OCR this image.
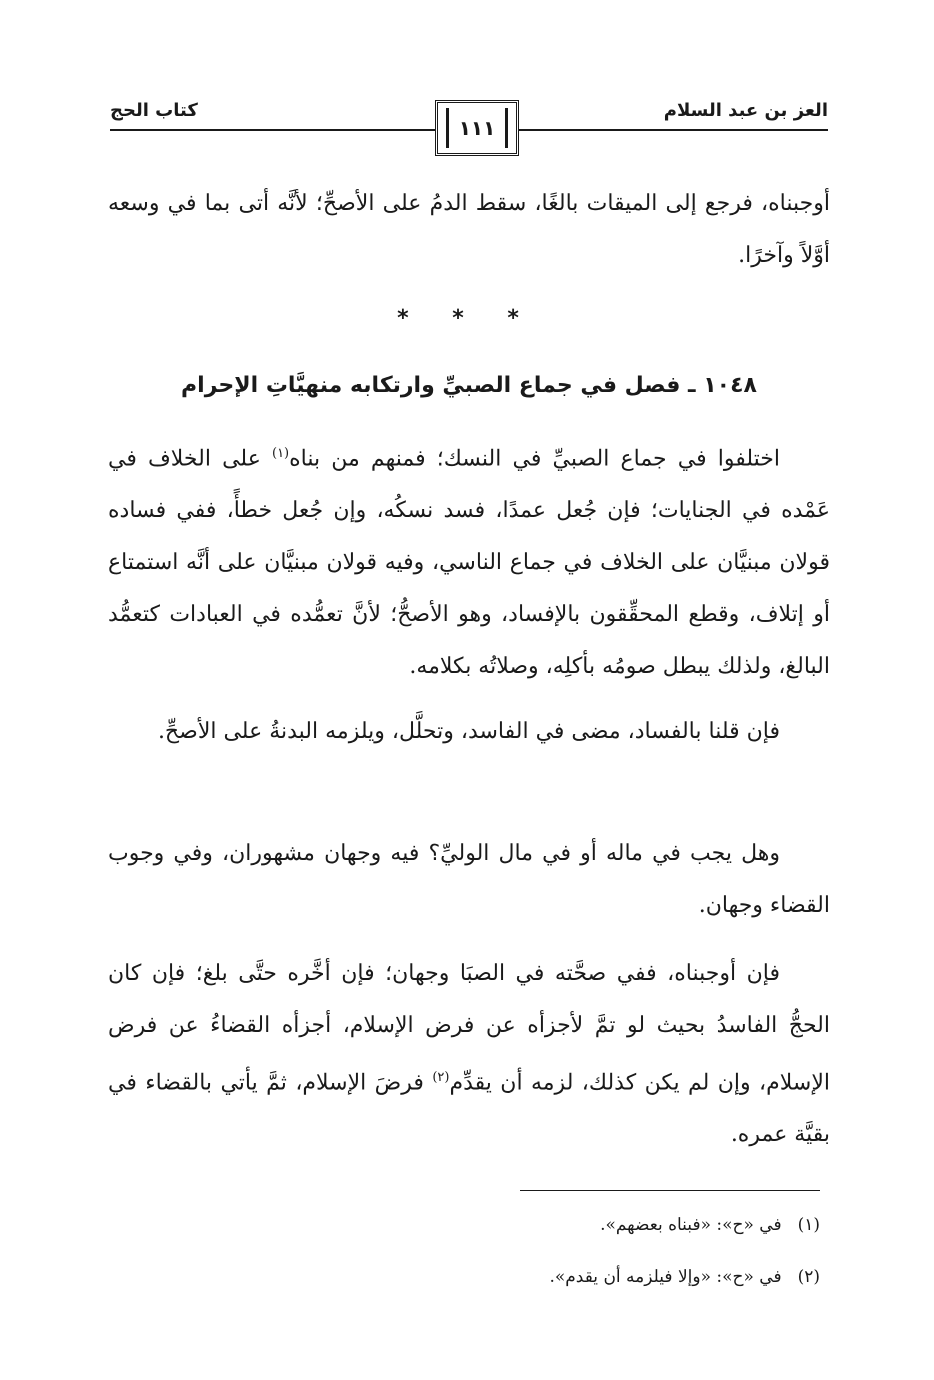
العز بن عبد السلام
كتاب الحج
١١١
أوجبناه، فرجع إلى الميقات بالغًا، سقط الدمُ على الأصحِّ؛ لأنَّه أتى بما في وسعه أوَّلاً وآخرًا.
* * *
١٠٤٨ ـ فصل في جماع الصبيِّ وارتكابه منهيَّاتِ الإحرام
اختلفوا في جماع الصبيِّ في النسك؛ فمنهم من بناه$^{(١)}$ على الخلاف في عَمْده في الجنايات؛ فإن جُعل عمدًا، فسد نسكُه، وإن جُعل خطأً، ففي فساده قولان مبنيَّان على الخلاف في جماع الناسي، وفيه قولان مبنيَّان على أنَّه استمتاع أو إتلاف، وقطع المحقِّقون بالإفساد، وهو الأصحُّ؛ لأنَّ تعمُّده في العبادات كتعمُّد البالغ، ولذلك يبطل صومُه بأكلِه، وصلاتُه بكلامه.
فإن قلنا بالفساد، مضى في الفاسد، وتحلَّل، ويلزمه البدنةُ على الأصحِّ.
وهل يجب في ماله أو في مال الوليِّ؟ فيه وجهان مشهوران، وفي وجوب القضاء وجهان.
فإن أوجبناه، ففي صحَّته في الصبَا وجهان؛ فإن أخَّره حتَّى بلغ؛ فإن كان الحجُّ الفاسدُ بحيث لو تمَّ لأجزأه عن فرض الإسلام، أجزأه القضاءُ عن فرض الإسلام، وإن لم يكن كذلك، لزمه أن يقدِّم$^{(٢)}$ فرضَ الإسلام، ثمَّ يأتي بالقضاء في بقيَّة عمره.
(١)في «ح»: «فبناه بعضهم».
(٢)في «ح»: «وإلا فيلزمه أن يقدم».
